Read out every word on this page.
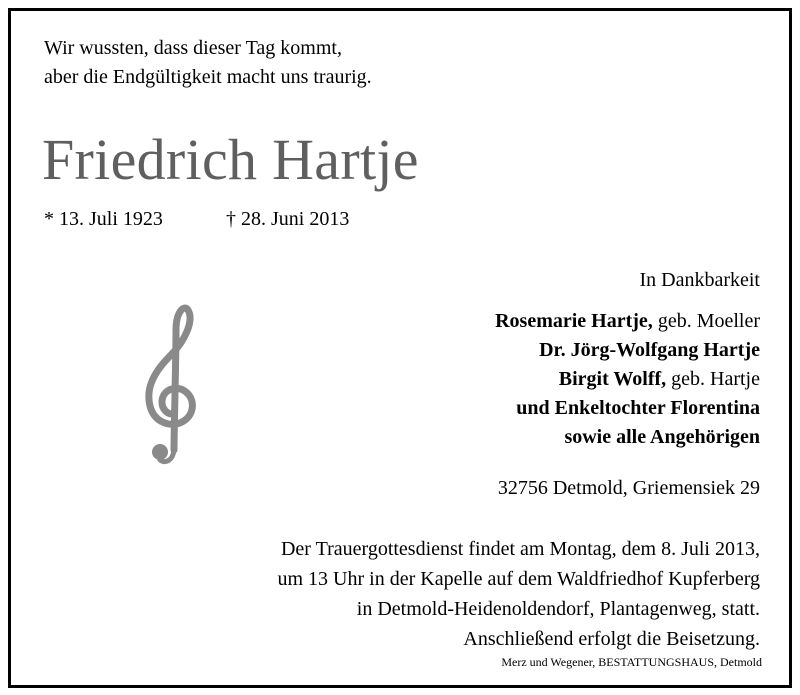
Wir wussten, dass dieser Tag kommt,
aber die Endgültigkeit macht uns traurig.
Friedrich Hartje
* 13. Juli 1923	† 28. Juni 2013
In Dankbarkeit
Rosemarie Hartje, geb. Moeller
Dr. Jörg-Wolfgang Hartje
Birgit Wolff, geb. Hartje
und Enkeltochter Florentina
sowie alle Angehörigen
32756 Detmold, Griemensiek 29
Der Trauergottesdienst findet am Montag, dem 8. Juli 2013,
um 13 Uhr in der Kapelle auf dem Waldfriedhof Kupferberg
in Detmold-Heidenoldendorf, Plantagenweg, statt.
Anschließend erfolgt die Beisetzung.
Merz und Wegener, BESTATTUNGSHAUS, Detmold
